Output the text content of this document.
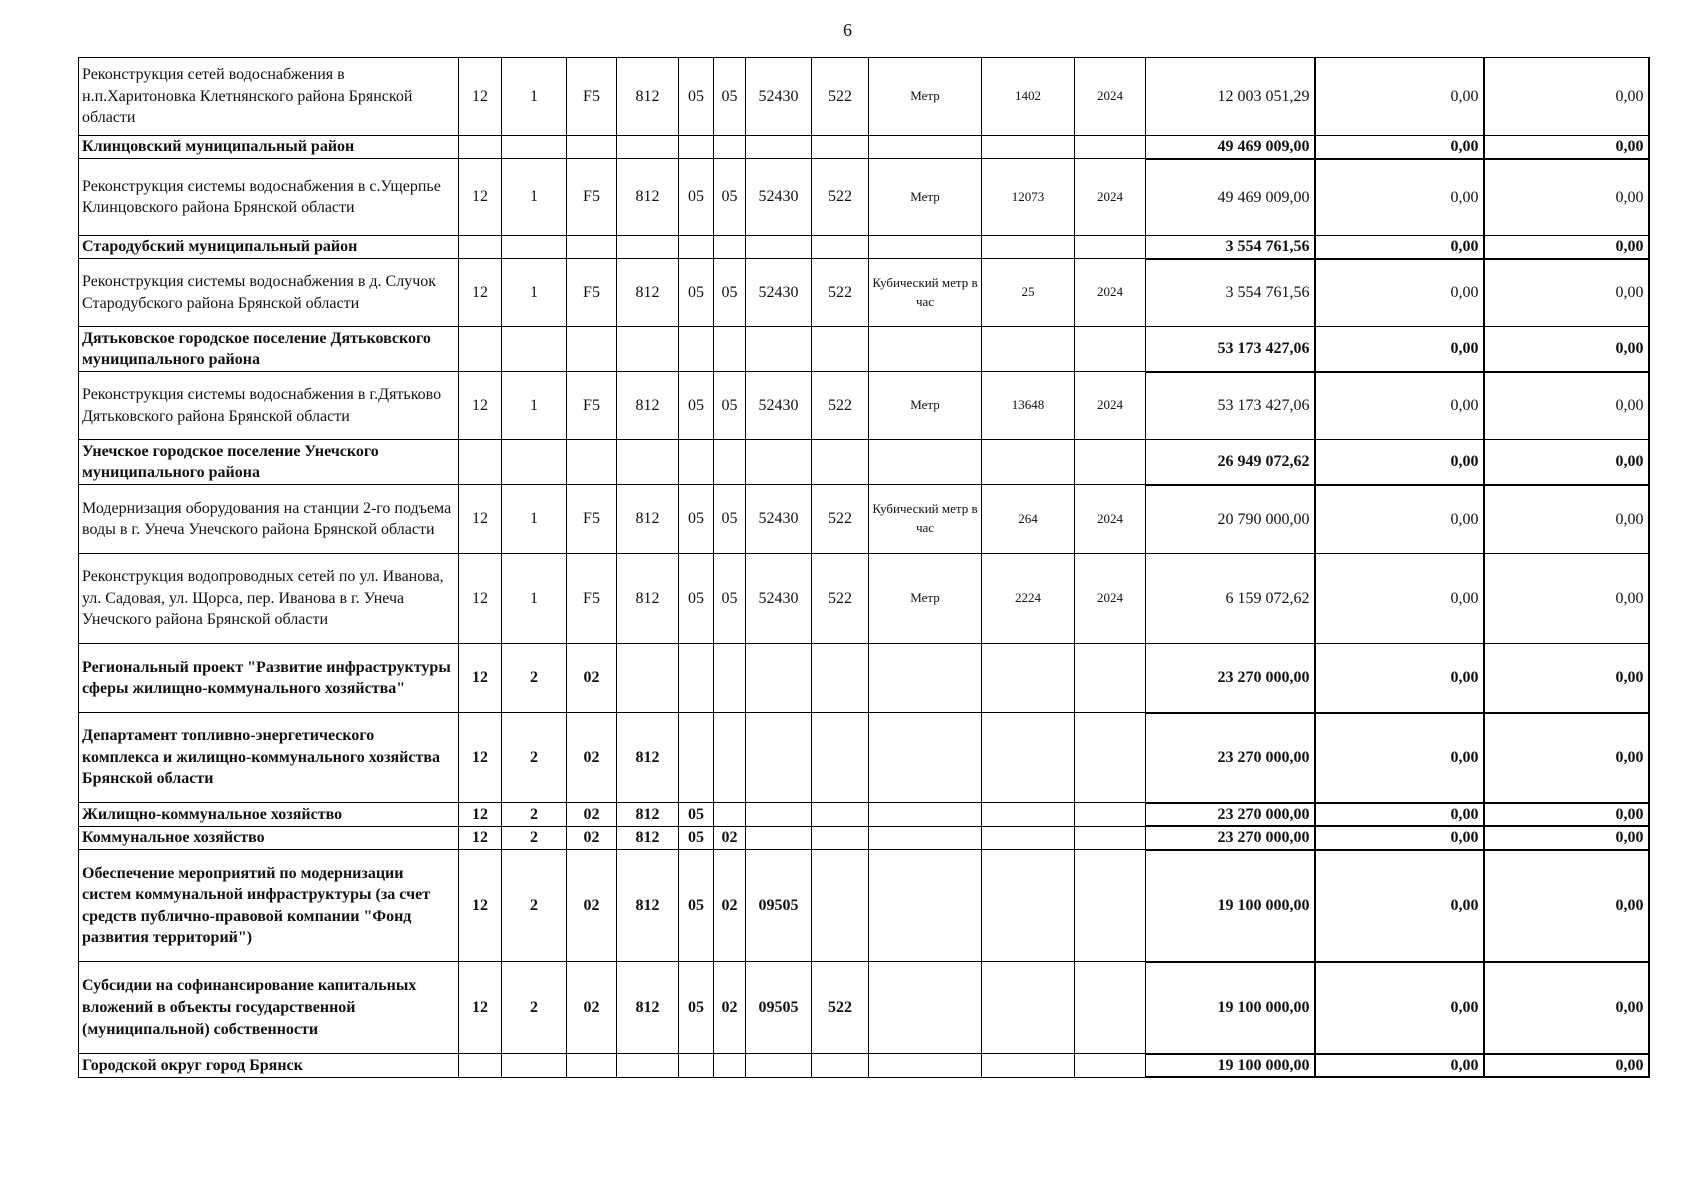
6
Реконструкция сетей водоснабжения в н.п.Харитоновка Клетнянского района Брянской области	12	1	F5	812	05	05	52430	522	Метр	1402	2024	12 003 051,29	0,00	0,00
Клинцовский муниципальный район												49 469 009,00	0,00	0,00
Реконструкция системы водоснабжения в с.Ущерпье Клинцовского района Брянской области	12	1	F5	812	05	05	52430	522	Метр	12073	2024	49 469 009,00	0,00	0,00
Стародубский муниципальный район												3 554 761,56	0,00	0,00
Реконструкция системы водоснабжения в д. Случок Стародубского района Брянской области	12	1	F5	812	05	05	52430	522	Кубический метр в час	25	2024	3 554 761,56	0,00	0,00
Дятьковское городское поселение Дятьковского муниципального района												53 173 427,06	0,00	0,00
Реконструкция системы водоснабжения в г.Дятьково Дятьковского района Брянской области	12	1	F5	812	05	05	52430	522	Метр	13648	2024	53 173 427,06	0,00	0,00
Унечское городское поселение Унечского муниципального района												26 949 072,62	0,00	0,00
Модернизация оборудования на станции 2-го подъема воды в г. Унеча Унечского района Брянской области	12	1	F5	812	05	05	52430	522	Кубический метр в час	264	2024	20 790 000,00	0,00	0,00
Реконструкция водопроводных сетей по ул. Иванова, ул. Садовая, ул. Щорса, пер. Иванова в г. Унеча Унечского района Брянской области	12	1	F5	812	05	05	52430	522	Метр	2224	2024	6 159 072,62	0,00	0,00
Региональный проект "Развитие инфраструктуры сферы жилищно-коммунального хозяйства"	12	2	02									23 270 000,00	0,00	0,00
Департамент топливно-энергетического комплекса и жилищно-коммунального хозяйства Брянской области	12	2	02	812								23 270 000,00	0,00	0,00
Жилищно-коммунальное хозяйство	12	2	02	812	05							23 270 000,00	0,00	0,00
Коммунальное хозяйство	12	2	02	812	05	02						23 270 000,00	0,00	0,00
Обеспечение мероприятий по модернизации систем коммунальной инфраструктуры (за счет средств публично-правовой компании "Фонд развития территорий")	12	2	02	812	05	02	09505					19 100 000,00	0,00	0,00
Субсидии на софинансирование капитальных вложений в объекты государственной (муниципальной) собственности	12	2	02	812	05	02	09505	522				19 100 000,00	0,00	0,00
Городской округ город Брянск												19 100 000,00	0,00	0,00
